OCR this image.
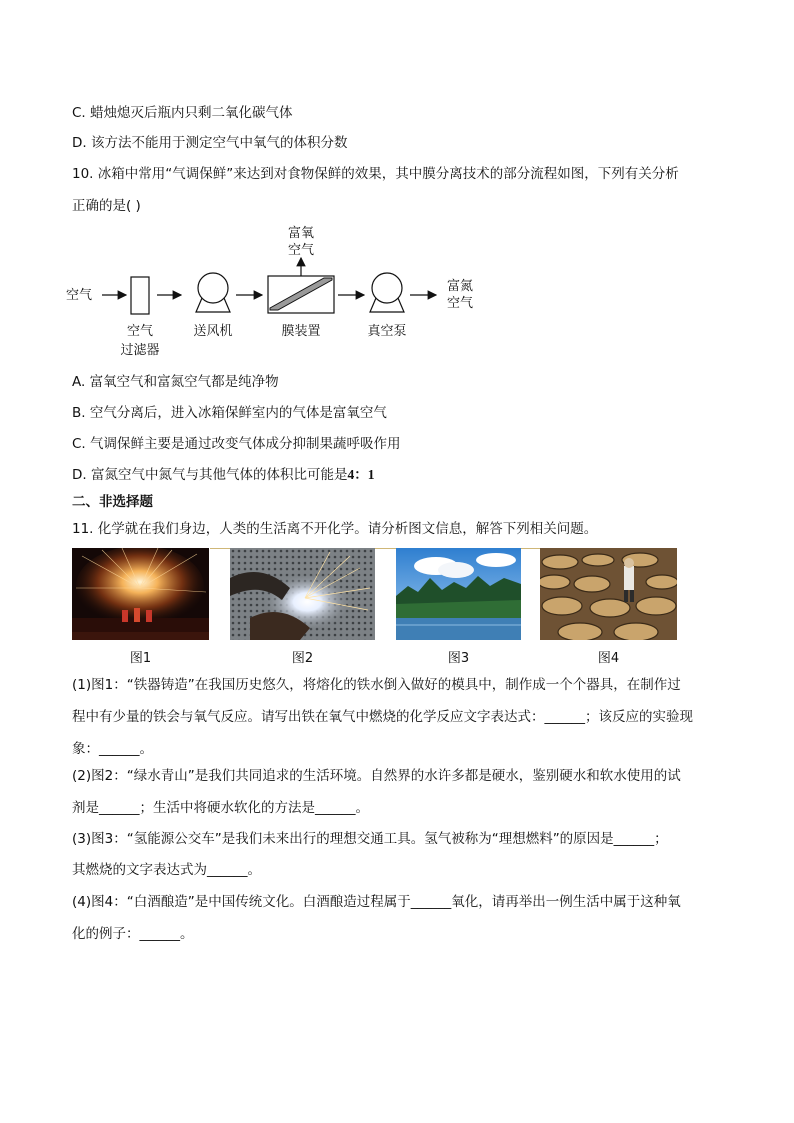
C. 蜡烛熄灭后瓶内只剩二氧化碳气体
D. 该方法不能用于测定空气中氧气的体积分数
10. 冰箱中常用“气调保鲜”来达到对食物保鲜的效果，其中膜分离技术的部分流程如图，下列有关分析
正确的是( )
空气
空气
过滤器
送风机	膜装置	真空泵
富氧
空气
富氮
空气
A. 富氧空气和富氮空气都是纯净物
B. 空气分离后，进入冰箱保鲜室内的气体是富氧空气
C. 气调保鲜主要是通过改变气体成分抑制果蔬呼吸作用
D. 富氮空气中氮气与其他气体的体积比可能是4：1
二、非选择题
11. 化学就在我们身边，人类的生活离不开化学。请分析图文信息，解答下列相关问题。
图1	图2	图3	图4
(1)图1：“铁器铸造”在我国历史悠久，将熔化的铁水倒入做好的模具中，制作成一个个器具，在制作过
程中有少量的铁会与氧气反应。请写出铁在氧气中燃烧的化学反应文字表达式：______；该反应的实验现
象：______。
(2)图2：“绿水青山”是我们共同追求的生活环境。自然界的水许多都是硬水，鉴别硬水和软水使用的试
剂是______；生活中将硬水软化的方法是______。
(3)图3：“氢能源公交车”是我们未来出行的理想交通工具。氢气被称为“理想燃料”的原因是______；
其燃烧的文字表达式为______。
(4)图4：“白酒酿造”是中国传统文化。白酒酿造过程属于______氧化，请再举出一例生活中属于这种氧
化的例子：______。
